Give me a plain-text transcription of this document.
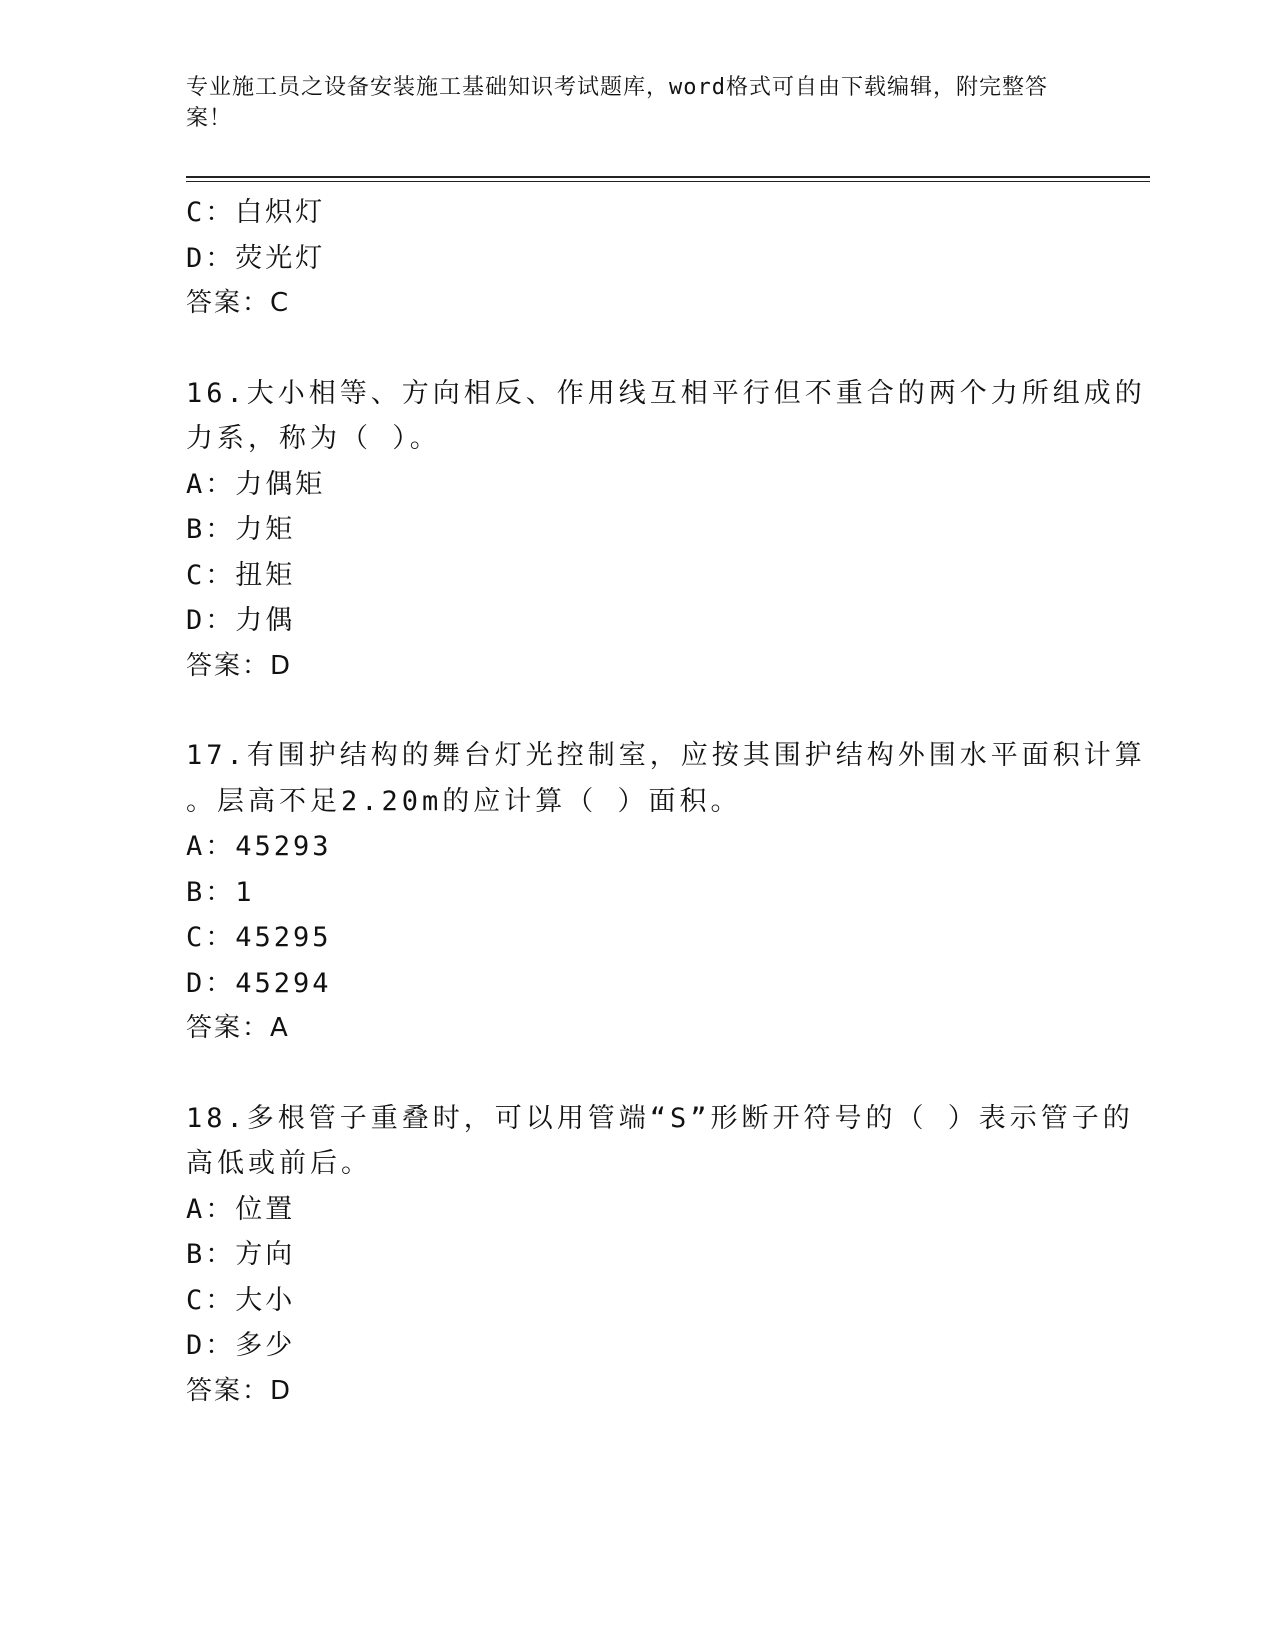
专业施工员之设备安装施工基础知识考试题库，word格式可自由下载编辑，附完整答案！
C：白炽灯
D：荧光灯
答案：C
16.大小相等、方向相反、作用线互相平行但不重合的两个力所组成的
力系，称为（ ）。
A：力偶矩
B：力矩
C：扭矩
D：力偶
答案：D
17.有围护结构的舞台灯光控制室，应按其围护结构外围水平面积计算
。层高不足2.20m的应计算（ ）面积。
A：45293
B：1
C：45295
D：45294
答案：A
18.多根管子重叠时，可以用管端“S”形断开符号的（ ）表示管子的
高低或前后。
A：位置
B：方向
C：大小
D：多少
答案：D
